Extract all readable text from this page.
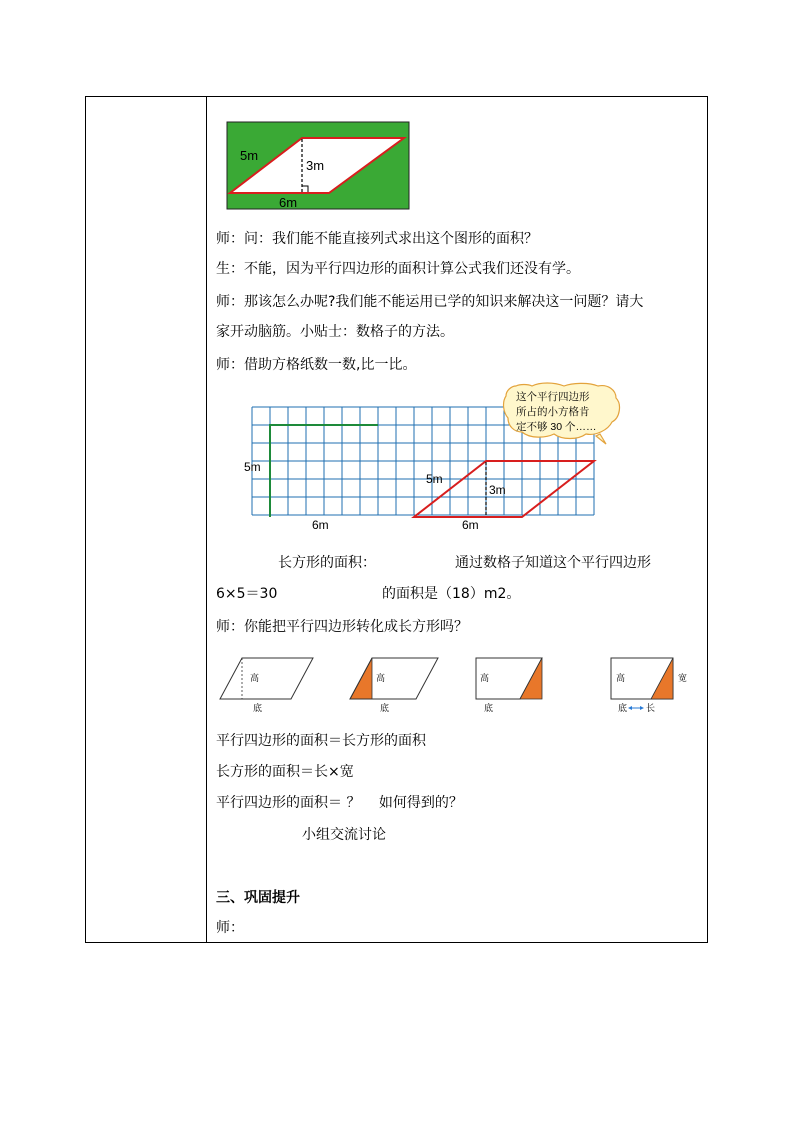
5m
3m
6m
师：问：我们能不能直接列式求出这个图形的面积？
生：不能，因为平行四边形的面积计算公式我们还没有学。
师：那该怎么办呢?我们能不能运用已学的知识来解决这一问题？请大
家开动脑筋。小贴士：数格子的方法。
师：借助方格纸数一数,比一比。
5m
6m
5m
3m
6m
这个平行四边形
所占的小方格肯
定不够 30 个……
长方形的面积：	通过数格子知道这个平行四边形
6×5＝30	的面积是（18）m2。
师：你能把平行四边形转化成长方形吗？
高
底
高
底
高
底
高	宽
底 长
平行四边形的面积＝长方形的面积
长方形的面积＝长×宽
平行四边形的面积＝ ？　 如何得到的？
小组交流讨论
三、巩固提升
师：
